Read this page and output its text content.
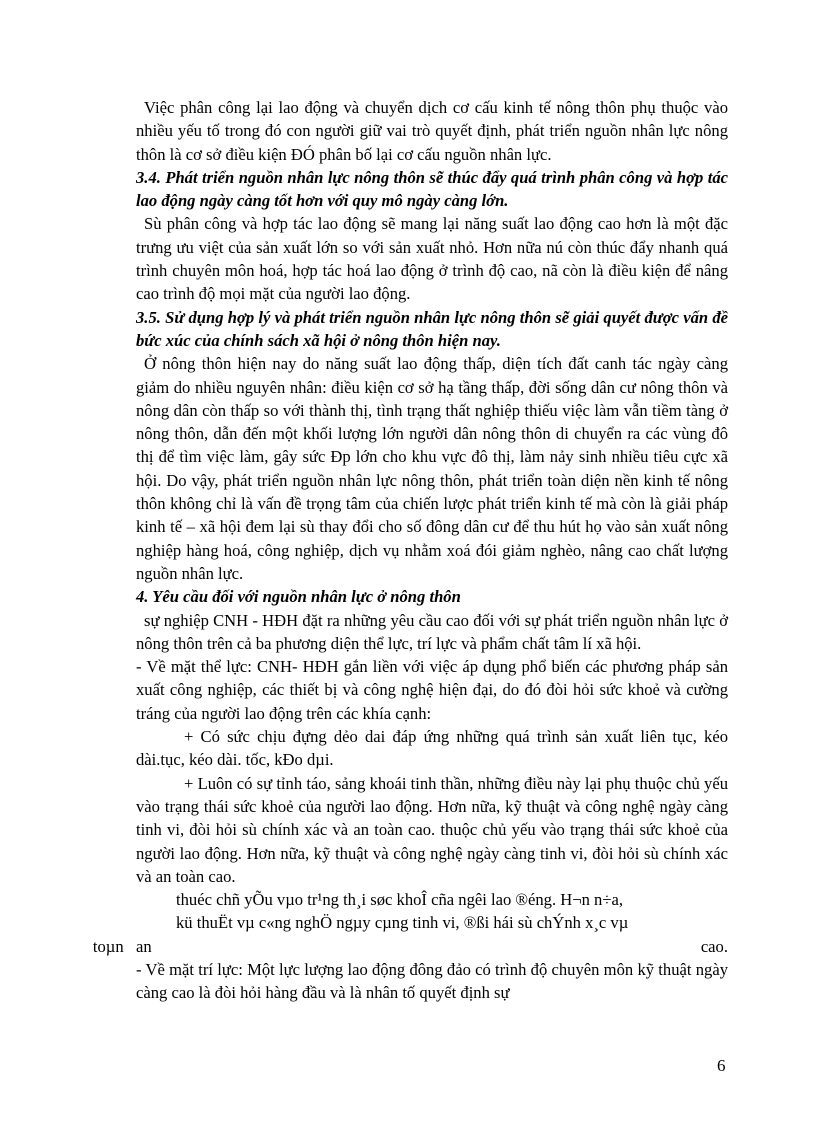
Việc phân công lại lao động và chuyển dịch cơ cấu kinh tế nông thôn phụ thuộc vào nhiều yếu tố trong đó con người giữ vai trò quyết định, phát triển nguồn nhân lực nông thôn là cơ sở điều kiện ĐÓ phân bố lại cơ cấu nguồn nhân lực.

3.4. Phát triển nguồn nhân lực nông thôn sẽ thúc đẩy quá trình phân công và hợp tác lao động ngày càng tốt hơn với quy mô ngày càng lớn.

Sù phân công và hợp tác lao động sẽ mang lại năng suất lao động cao hơn là một đặc trưng ưu việt của sản xuất lớn so với sản xuất nhỏ. Hơn nữa nú còn thúc đẩy nhanh quá trình chuyên môn hoá, hợp tác hoá lao động ở trình độ cao, nã còn là điều kiện để nâng cao trình độ mọi mặt của người lao động.

3.5. Sử dụng hợp lý và phát triển nguồn nhân lực nông thôn sẽ giải quyết được vấn đề bức xúc của chính sách xã hội ở nông thôn hiện nay.

Ở nông thôn hiện nay do năng suất lao động thấp, diện tích đất canh tác ngày càng giảm do nhiều nguyên nhân: điều kiện cơ sở hạ tầng thấp, đời sống dân cư nông thôn và nông dân còn thấp so với thành thị, tình trạng thất nghiệp thiếu việc làm vẫn tiềm tàng ở nông thôn, dẫn đến một khối lượng lớn người dân nông thôn di chuyển ra các vùng đô thị để tìm việc làm, gây sức Đp lớn cho khu vực đô thị, làm nảy sinh nhiều tiêu cực xã hội. Do vậy, phát triển nguồn nhân lực nông thôn, phát triển toàn diện nền kinh tế nông thôn không chỉ là vấn đề trọng tâm của chiến lược phát triển kinh tế mà còn là giải pháp kinh tế – xã hội đem lại sù thay đổi cho số đông dân cư để thu hút họ vào sản xuất nông nghiệp hàng hoá, công nghiệp, dịch vụ nhằm xoá đói giảm nghèo, nâng cao chất lượng nguồn nhân lực.

4. Yêu cầu đối với nguồn nhân lực ở nông thôn

sự nghiệp CNH - HĐH đặt ra những yêu cầu cao đối với sự phát triển nguồn nhân lực ở nông thôn trên cả ba phương diện thể lực, trí lực và phẩm chất tâm lí xã hội.

- Về mặt thể lực: CNH- HĐH gắn liền với việc áp dụng phổ biến các phương pháp sản xuất công nghiệp, các thiết bị và công nghệ hiện đại, do đó đòi hỏi sức khoẻ và cường tráng của người lao động trên các khía cạnh:

+ Có sức chịu đựng dẻo dai đáp ứng những quá trình sản xuất liên tục, kéo dài.tục, kéo dài. tốc, kĐo dµi.

+ Luôn có sự tỉnh táo, sảng khoái tinh thần, những điều này lại phụ thuộc chủ yếu vào trạng thái sức khoẻ của người lao động. Hơn nữa, kỹ thuật và công nghệ ngày càng tinh vi, đòi hỏi sù chính xác và an toàn cao. thuộc chủ yếu vào trạng thái sức khoẻ của người lao động. Hơn nữa, kỹ thuật và công nghệ ngày càng tinh vi, đòi hỏi sù chính xác và an toàn cao.

thuéc chñ yÕu vµo tr¹ng th¸i søc khoÎ cña ngêi lao ®éng. H¬n n÷a,

kü thuËt vµ c«ng nghÖ ngµy cµng tinh vi, ®ßi hái sù chÝnh x¸c vµ

an
toµn	cao.

- Về mặt trí lực: Một lực lượng lao động đông đảo có trình độ chuyên môn kỹ thuật ngày càng cao là đòi hỏi hàng đầu và là nhân tố quyết định sự

6
